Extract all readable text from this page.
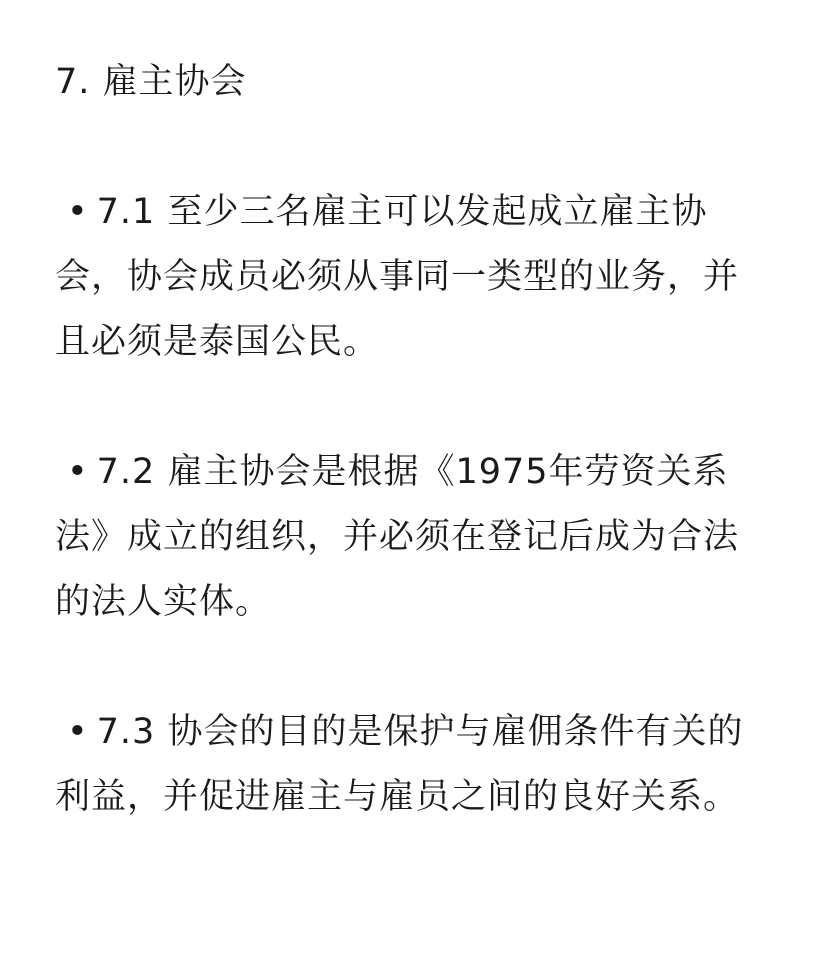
7. 雇主协会
• 7.1 至少三名雇主可以发起成立雇主协会，协会成员必须从事同一类型的业务，并且必须是泰国公民。
• 7.2 雇主协会是根据《1975年劳资关系法》成立的组织，并必须在登记后成为合法的法人实体。
• 7.3 协会的目的是保护与雇佣条件有关的利益，并促进雇主与雇员之间的良好关系。
